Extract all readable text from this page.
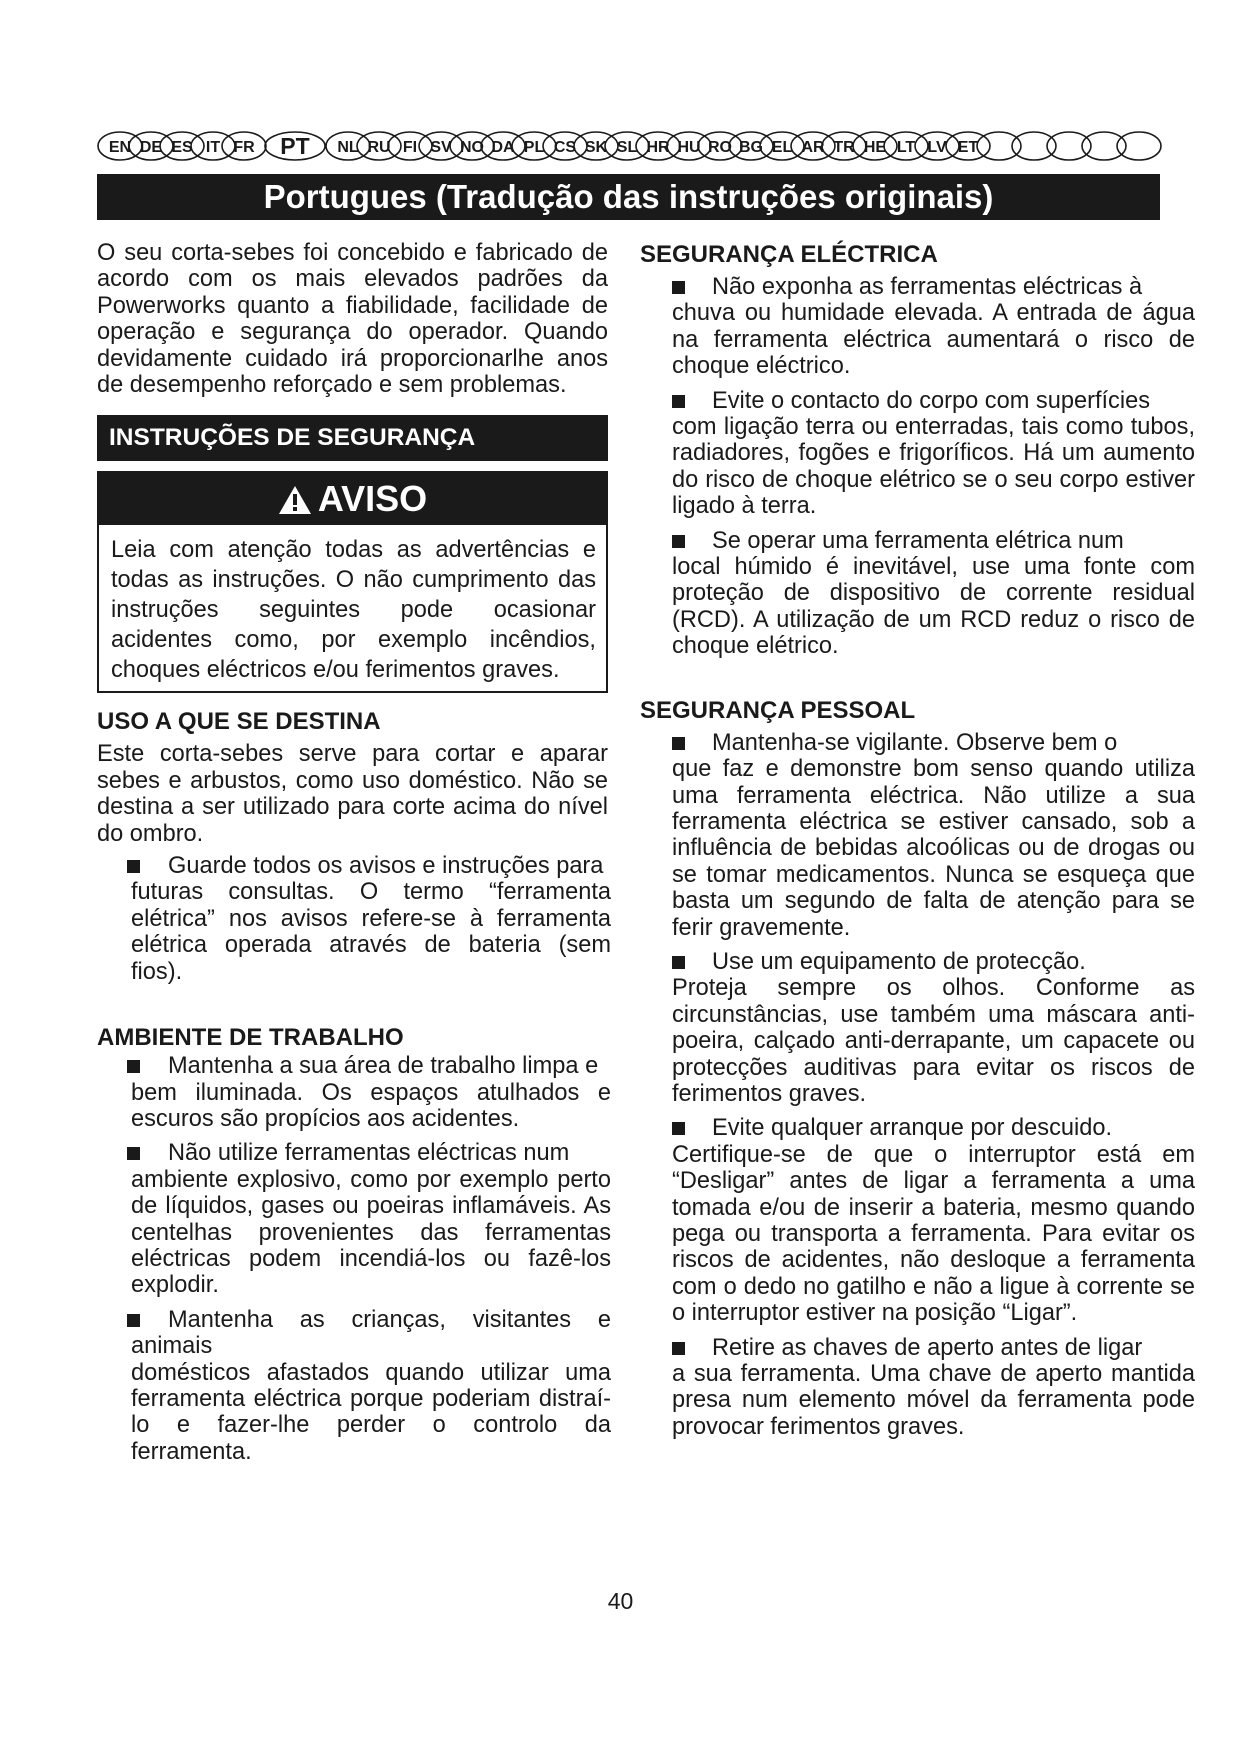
EN DE ES IT FR PT NL RU FI SV NO DA PL CS SK SL HR HU RO BG EL AR TR HE LT LV ET
Portugues (Tradução das instruções originais)

O seu corta-sebes foi concebido e fabricado de acordo com os mais elevados padrões da Powerworks quanto a fiabilidade, facilidade de operação e segurança do operador. Quando devidamente cuidado irá proporcionarlhe anos de desempenho reforçado e sem problemas.

INSTRUÇÕES DE SEGURANÇA
AVISO
Leia com atenção todas as advertências e todas as instruções. O não cumprimento das instruções seguintes pode ocasionar acidentes como, por exemplo incêndios, choques eléctricos e/ou ferimentos graves.
USO A QUE SE DESTINA

Este corta-sebes serve para cortar e aparar sebes e arbustos, como uso doméstico. Não se destina a ser utilizado para corte acima do nível do ombro.

Guarde todos os avisos e instruções para

futuras consultas. O termo “ferramenta elétrica” nos avisos refere-se à ferramenta elétrica operada através de bateria (sem fios).

AMBIENTE DE TRABALHO

Mantenha a sua área de trabalho limpa e

bem iluminada. Os espaços atulhados e escuros são propícios aos acidentes.

Não utilize ferramentas eléctricas num

ambiente explosivo, como por exemplo perto de líquidos, gases ou poeiras inflamáveis. As centelhas provenientes das ferramentas eléctricas podem incendiá-los ou fazê-los explodir.

Mantenha as crianças, visitantes e animais

domésticos afastados quando utilizar uma ferramenta eléctrica porque poderiam distraí-lo e fazer-lhe perder o controlo da ferramenta.

SEGURANÇA ELÉCTRICA

Não exponha as ferramentas eléctricas à

chuva ou humidade elevada. A entrada de água na ferramenta eléctrica aumentará o risco de choque eléctrico.

Evite o contacto do corpo com superfícies

com ligação terra ou enterradas, tais como tubos, radiadores, fogões e frigoríficos. Há um aumento do risco de choque elétrico se o seu corpo estiver ligado à terra.

Se operar uma ferramenta elétrica num

local húmido é inevitável, use uma fonte com proteção de dispositivo de corrente residual (RCD). A utilização de um RCD reduz o risco de choque elétrico.

SEGURANÇA PESSOAL

Mantenha-se vigilante. Observe bem o

que faz e demonstre bom senso quando utiliza uma ferramenta eléctrica. Não utilize a sua ferramenta eléctrica se estiver cansado, sob a influência de bebidas alcoólicas ou de drogas ou se tomar medicamentos. Nunca se esqueça que basta um segundo de falta de atenção para se ferir gravemente.

Use um equipamento de protecção.

Proteja sempre os olhos. Conforme as circunstâncias, use também uma máscara anti-poeira, calçado anti-derrapante, um capacete ou protecções auditivas para evitar os riscos de ferimentos graves.

Evite qualquer arranque por descuido.

Certifique-se de que o interruptor está em “Desligar” antes de ligar a ferramenta a uma tomada e/ou de inserir a bateria, mesmo quando pega ou transporta a ferramenta. Para evitar os riscos de acidentes, não desloque a ferramenta com o dedo no gatilho e não a ligue à corrente se o interruptor estiver na posição “Ligar”.

Retire as chaves de aperto antes de ligar

a sua ferramenta. Uma chave de aperto mantida presa num elemento móvel da ferramenta pode provocar ferimentos graves.

40
